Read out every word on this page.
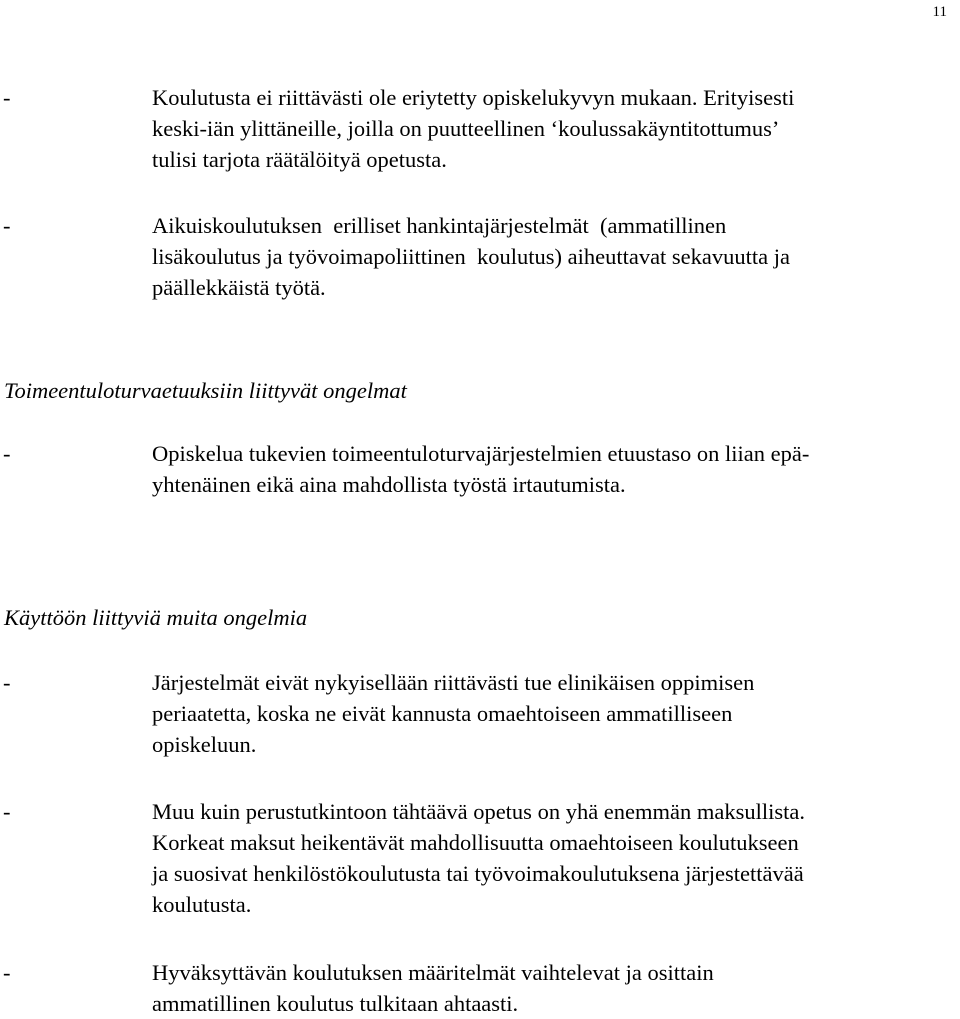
11
-	Koulutusta ei riittävästi ole eriytetty opiskelukyvyn mukaan. Erityisesti
keski-iän ylittäneille, joilla on puutteellinen ‘koulussakäyntitottumus’
tulisi tarjota räätälöityä opetusta.
-	Aikuiskoulutuksen  erilliset hankintajärjestelmät  (ammatillinen
lisäkoulutus ja työvoimapoliittinen  koulutus) aiheuttavat sekavuutta ja
päällekkäistä työtä.
Toimeentuloturvaetuuksiin liittyvät ongelmat
-	Opiskelua tukevien toimeentuloturvajärjestelmien etuustaso on liian epä-
yhtenäinen eikä aina mahdollista työstä irtautumista.
Käyttöön liittyviä muita ongelmia
-	Järjestelmät eivät nykyisellään riittävästi tue elinikäisen oppimisen
periaatetta, koska ne eivät kannusta omaehtoiseen ammatilliseen
opiskeluun.
-	Muu kuin perustutkintoon tähtäävä opetus on yhä enemmän maksullista.
Korkeat maksut heikentävät mahdollisuutta omaehtoiseen koulutukseen
ja suosivat henkilöstökoulutusta tai työvoimakoulutuksena järjestettävää
koulutusta.
-	Hyväksyttävän koulutuksen määritelmät vaihtelevat ja osittain
ammatillinen koulutus tulkitaan ahtaasti.
